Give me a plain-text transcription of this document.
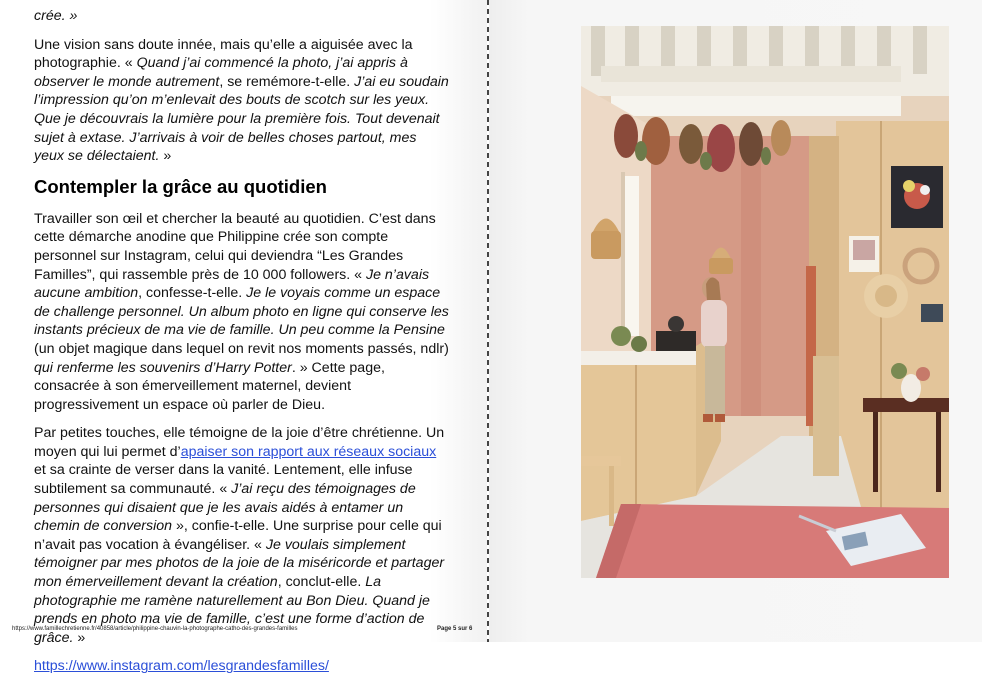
crée. »

Une vision sans doute innée, mais qu’elle a aiguisée avec la photographie. « Quand j’ai commencé la photo, j’ai appris à observer le monde autrement, se remémore-t-elle. J’ai eu soudain l’impression qu’on m’enlevait des bouts de scotch sur les yeux. Que je découvrais la lumière pour la première fois. Tout devenait sujet à extase. J’arrivais à voir de belles choses partout, mes yeux se délectaient. »

Contempler la grâce au quotidien

Travailler son œil et chercher la beauté au quotidien. C’est dans cette démarche anodine que Philippine crée son compte personnel sur Instagram, celui qui deviendra “Les Grandes Familles”, qui rassemble près de 10 000 followers. « Je n’avais aucune ambition, confesse-t-elle. Je le voyais comme un espace de challenge personnel. Un album photo en ligne qui conserve les instants précieux de ma vie de famille. Un peu comme la Pensine (un objet magique dans lequel on revit nos moments passés, ndlr) qui renferme les souvenirs d’Harry Potter. » Cette page, consacrée à son émerveillement maternel, devient progressivement un espace où parler de Dieu.

Par petites touches, elle témoigne de la joie d’être chrétienne. Un moyen qui lui permet d’apaiser son rapport aux réseaux sociaux et sa crainte de verser dans la vanité. Lentement, elle infuse subtilement sa communauté. « J’ai reçu des témoignages de personnes qui disaient que je les avais aidés à entamer un chemin de conversion », confie-t-elle. Une surprise pour celle qui n’avait pas vocation à évangéliser. « Je voulais simplement témoigner par mes photos de la joie de la miséricorde et partager mon émerveillement devant la création, conclut-elle. La photographie me ramène naturellement au Bon Dieu. Quand je prends en photo ma vie de famille, c’est une forme d’action de grâce. »

https://www.instagram.com/lesgrandesfamilles/

https://www.famillechretienne.fr/40858/article/philippine-chauvin-la-photographe-catho-des-grandes-familles	Page 5 sur 6
